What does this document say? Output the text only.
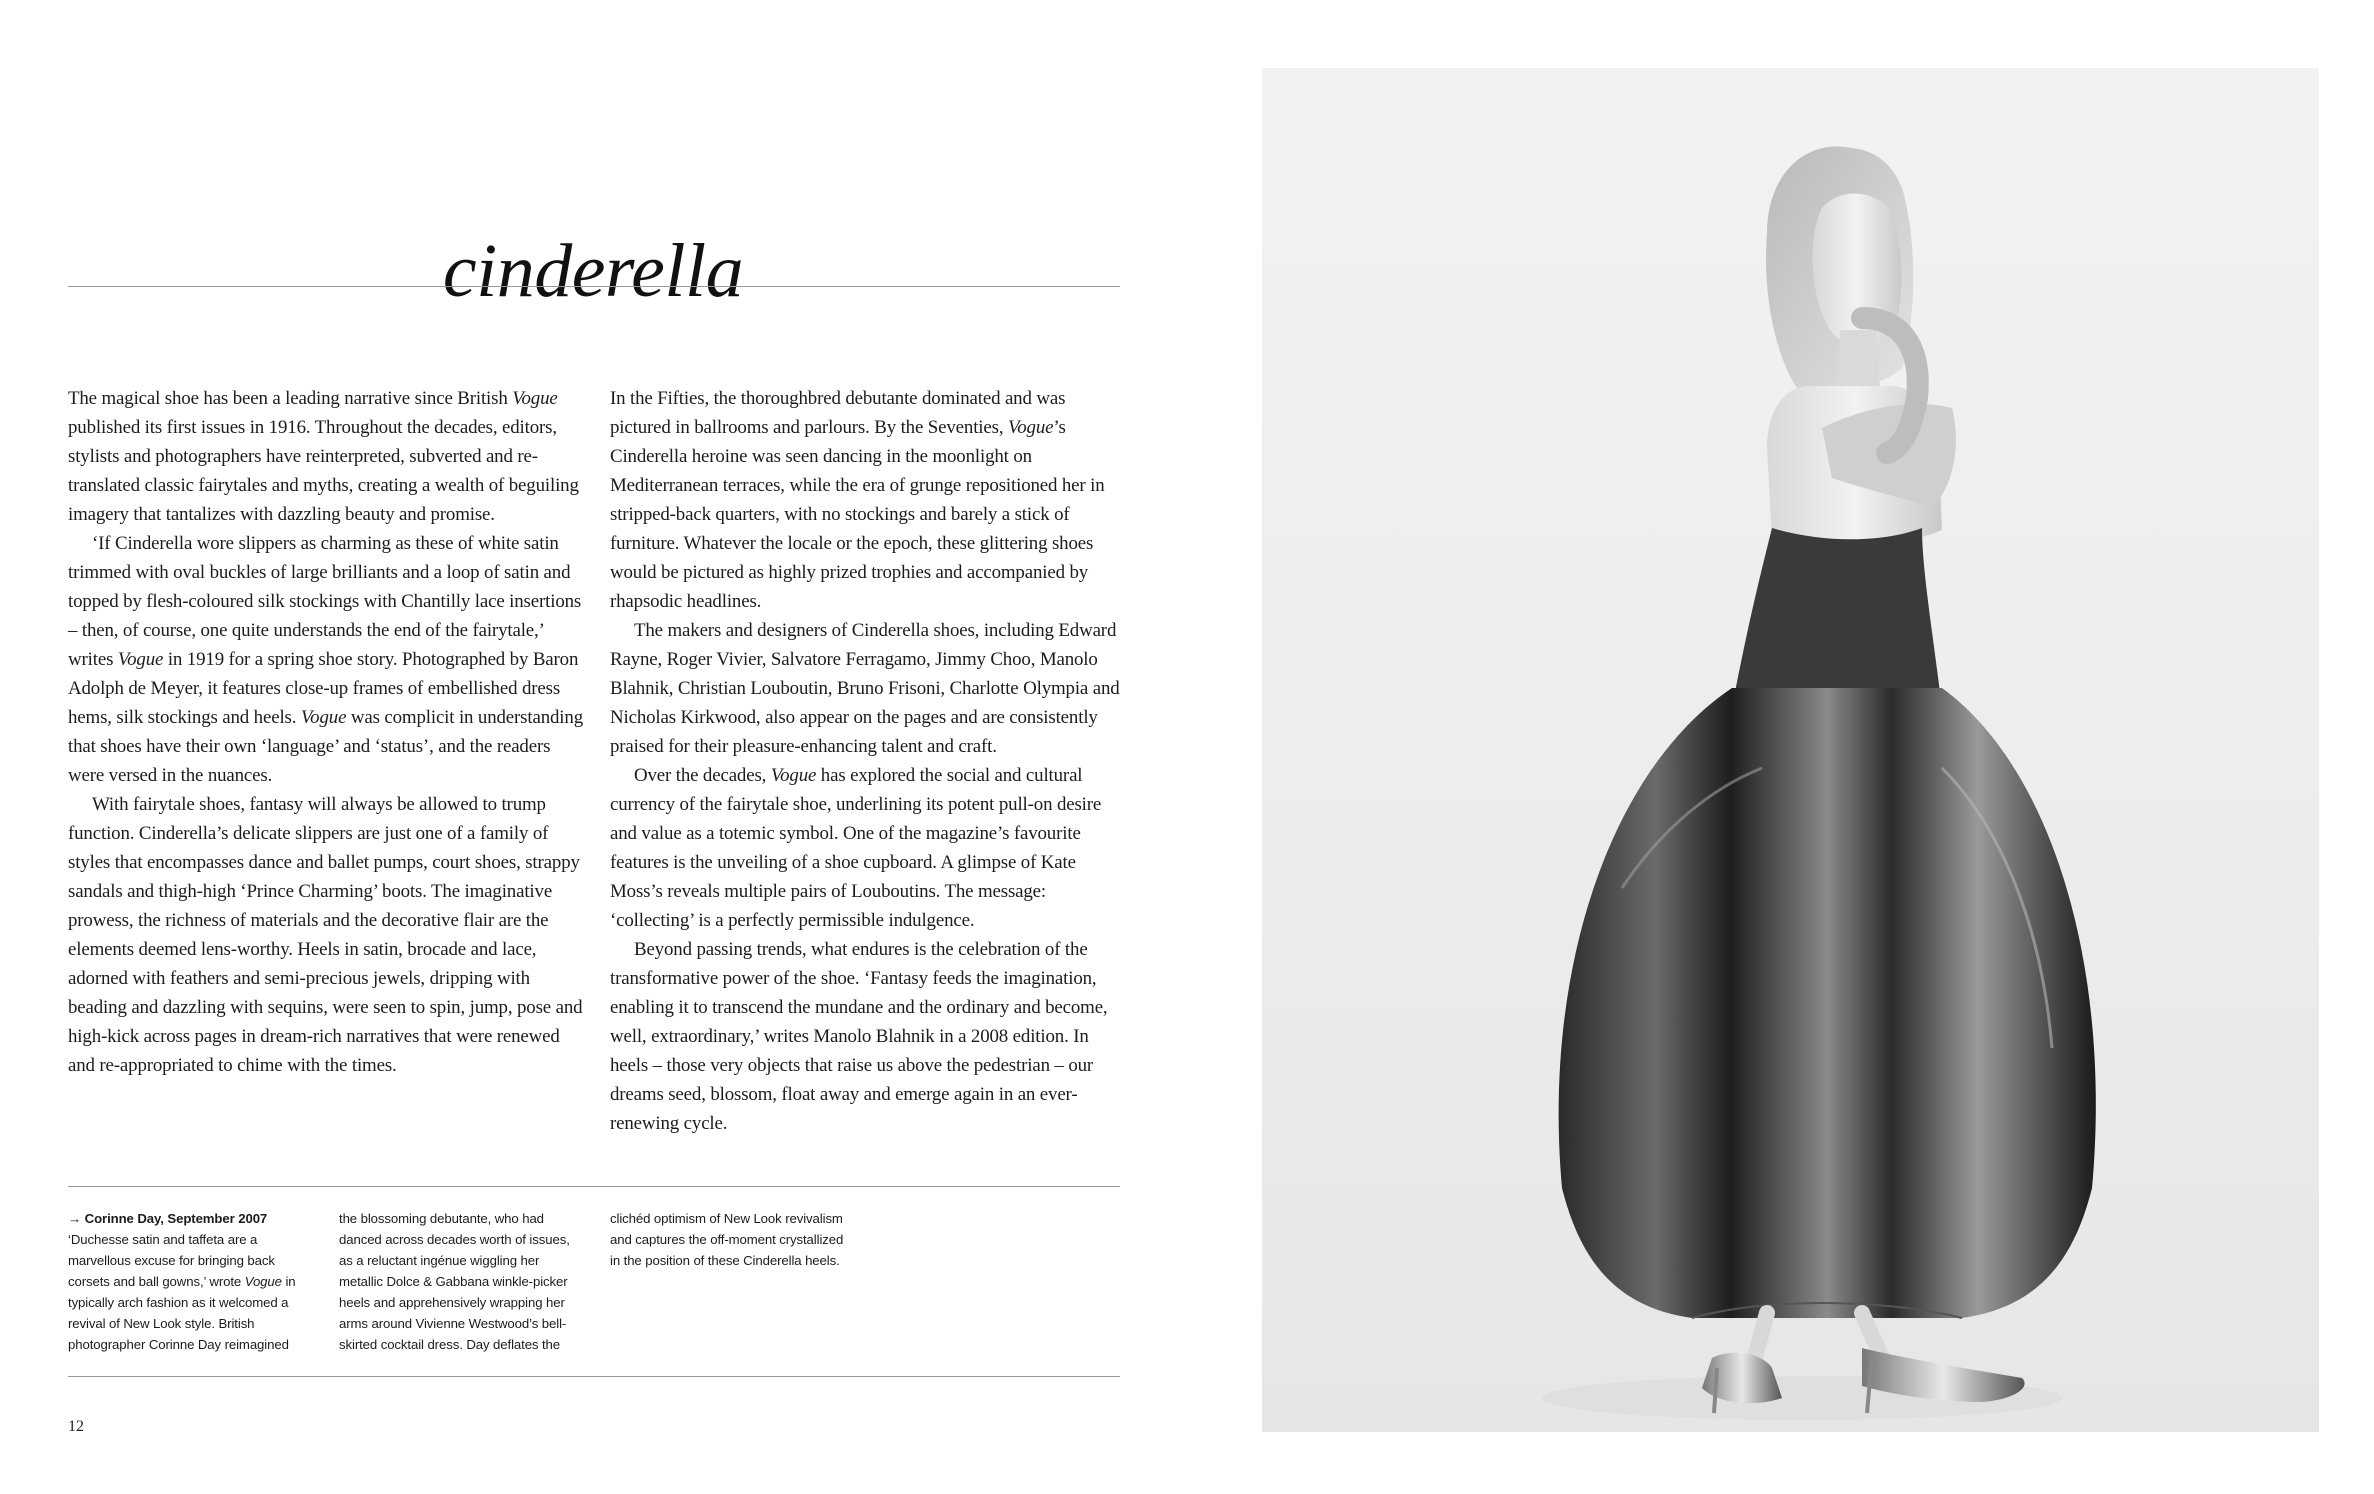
cinderella

The magical shoe has been a leading narrative since British Vogue published its first issues in 1916. Throughout the decades, editors, stylists and photographers have reinterpreted, subverted and re-translated classic fairytales and myths, creating a wealth of beguiling imagery that tantalizes with dazzling beauty and promise.

‘If Cinderella wore slippers as charming as these of white satin trimmed with oval buckles of large brilliants and a loop of satin and topped by flesh-coloured silk stockings with Chantilly lace insertions – then, of course, one quite understands the end of the fairytale,’ writes Vogue in 1919 for a spring shoe story. Photographed by Baron Adolph de Meyer, it features close-up frames of embellished dress hems, silk stockings and heels. Vogue was complicit in understanding that shoes have their own ‘language’ and ‘status’, and the readers were versed in the nuances.

With fairytale shoes, fantasy will always be allowed to trump function. Cinderella’s delicate slippers are just one of a family of styles that encompasses dance and ballet pumps, court shoes, strappy sandals and thigh-high ‘Prince Charming’ boots. The imaginative prowess, the richness of materials and the decorative flair are the elements deemed lens-worthy. Heels in satin, brocade and lace, adorned with feathers and semi-precious jewels, dripping with beading and dazzling with sequins, were seen to spin, jump, pose and high-kick across pages in dream-rich narratives that were renewed and re-appropriated to chime with the times.

In the Fifties, the thoroughbred debutante dominated and was pictured in ballrooms and parlours. By the Seventies, Vogue’s Cinderella heroine was seen dancing in the moonlight on Mediterranean terraces, while the era of grunge repositioned her in stripped-back quarters, with no stockings and barely a stick of furniture. Whatever the locale or the epoch, these glittering shoes would be pictured as highly prized trophies and accompanied by rhapsodic headlines.

The makers and designers of Cinderella shoes, including Edward Rayne, Roger Vivier, Salvatore Ferragamo, Jimmy Choo, Manolo Blahnik, Christian Louboutin, Bruno Frisoni, Charlotte Olympia and Nicholas Kirkwood, also appear on the pages and are consistently praised for their pleasure-enhancing talent and craft.

Over the decades, Vogue has explored the social and cultural currency of the fairytale shoe, underlining its potent pull-on desire and value as a totemic symbol. One of the magazine’s favourite features is the unveiling of a shoe cupboard. A glimpse of Kate Moss’s reveals multiple pairs of Louboutins. The message: ‘collecting’ is a perfectly permissible indulgence.

Beyond passing trends, what endures is the celebration of the transformative power of the shoe. ‘Fantasy feeds the imagination, enabling it to transcend the mundane and the ordinary and become, well, extraordinary,’ writes Manolo Blahnik in a 2008 edition. In heels – those very objects that raise us above the pedestrian – our dreams seed, blossom, float away and emerge again in an ever-renewing cycle.

→ Corinne Day, September 2007
‘Duchesse satin and taffeta are a marvellous excuse for bringing back corsets and ball gowns,’ wrote Vogue in typically arch fashion as it welcomed a revival of New Look style. British photographer Corinne Day reimagined
the blossoming debutante, who had danced across decades worth of issues, as a reluctant ingénue wiggling her metallic Dolce & Gabbana winkle-picker heels and apprehensively wrapping her arms around Vivienne Westwood’s bell-skirted cocktail dress. Day deflates the
clichéd optimism of New Look revivalism and captures the off-moment crystallized in the position of these Cinderella heels.
12
